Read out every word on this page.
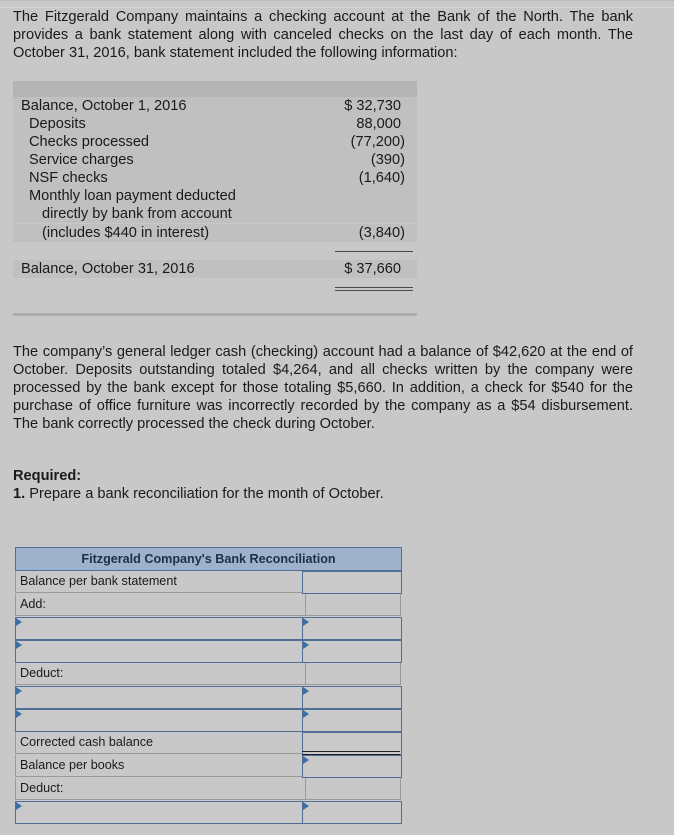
The Fitzgerald Company maintains a checking account at the Bank of the North. The bank provides a bank statement along with canceled checks on the last day of each month. The October 31, 2016, bank statement included the following information:

Balance, October 1, 2016	$ 32,730
Deposits	88,000
Checks processed	(77,200)
Service charges	(390)
NSF checks	(1,640)
Monthly loan payment deducted
directly by bank from account
(includes $440 in interest)	(3,840)
Balance, October 31, 2016	$ 37,660

The company’s general ledger cash (checking) account had a balance of $42,620 at the end of October. Deposits outstanding totaled $4,264, and all checks written by the company were processed by the bank except for those totaling $5,660. In addition, a check for $540 for the purchase of office furniture was incorrectly recorded by the company as a $54 disbursement. The bank correctly processed the check during October.

Required:

1. Prepare a bank reconciliation for the month of October.

Fitzgerald Company's Bank Reconciliation
Balance per bank statement
Add:
Deduct:
Corrected cash balance
Balance per books
Deduct:
